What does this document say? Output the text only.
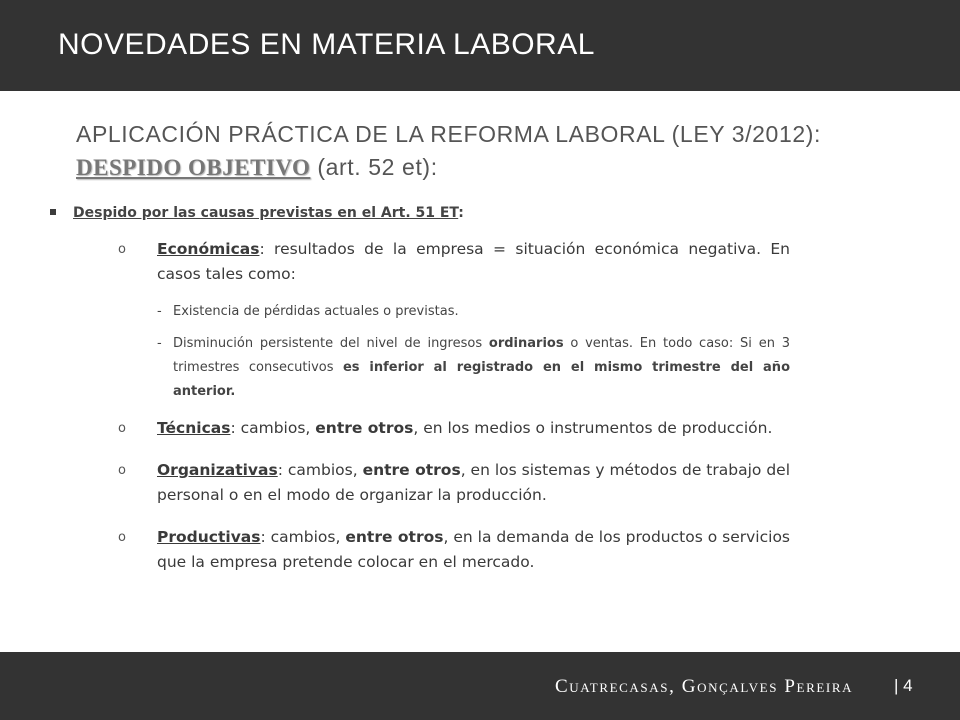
NOVEDADES EN MATERIA LABORAL
APLICACIÓN PRÁCTICA DE LA REFORMA LABORAL (LEY 3/2012):
DESPIDO OBJETIVO (art. 52 et):
Despido por las causas previstas en el Art. 51 ET:
o Económicas: resultados de la empresa = situación económica negativa. En casos tales como:
- Existencia de pérdidas actuales o previstas.
- Disminución persistente del nivel de ingresos ordinarios o ventas. En todo caso: Si en 3 trimestres consecutivos es inferior al registrado en el mismo trimestre del año anterior.
o Técnicas: cambios, entre otros, en los medios o instrumentos de producción.
o Organizativas: cambios, entre otros, en los sistemas y métodos de trabajo del personal o en el modo de organizar la producción.
o Productivas: cambios, entre otros, en la demanda de los productos o servicios que la empresa pretende colocar en el mercado.
Cuatrecasas, Gonçalves Pereira | 4
